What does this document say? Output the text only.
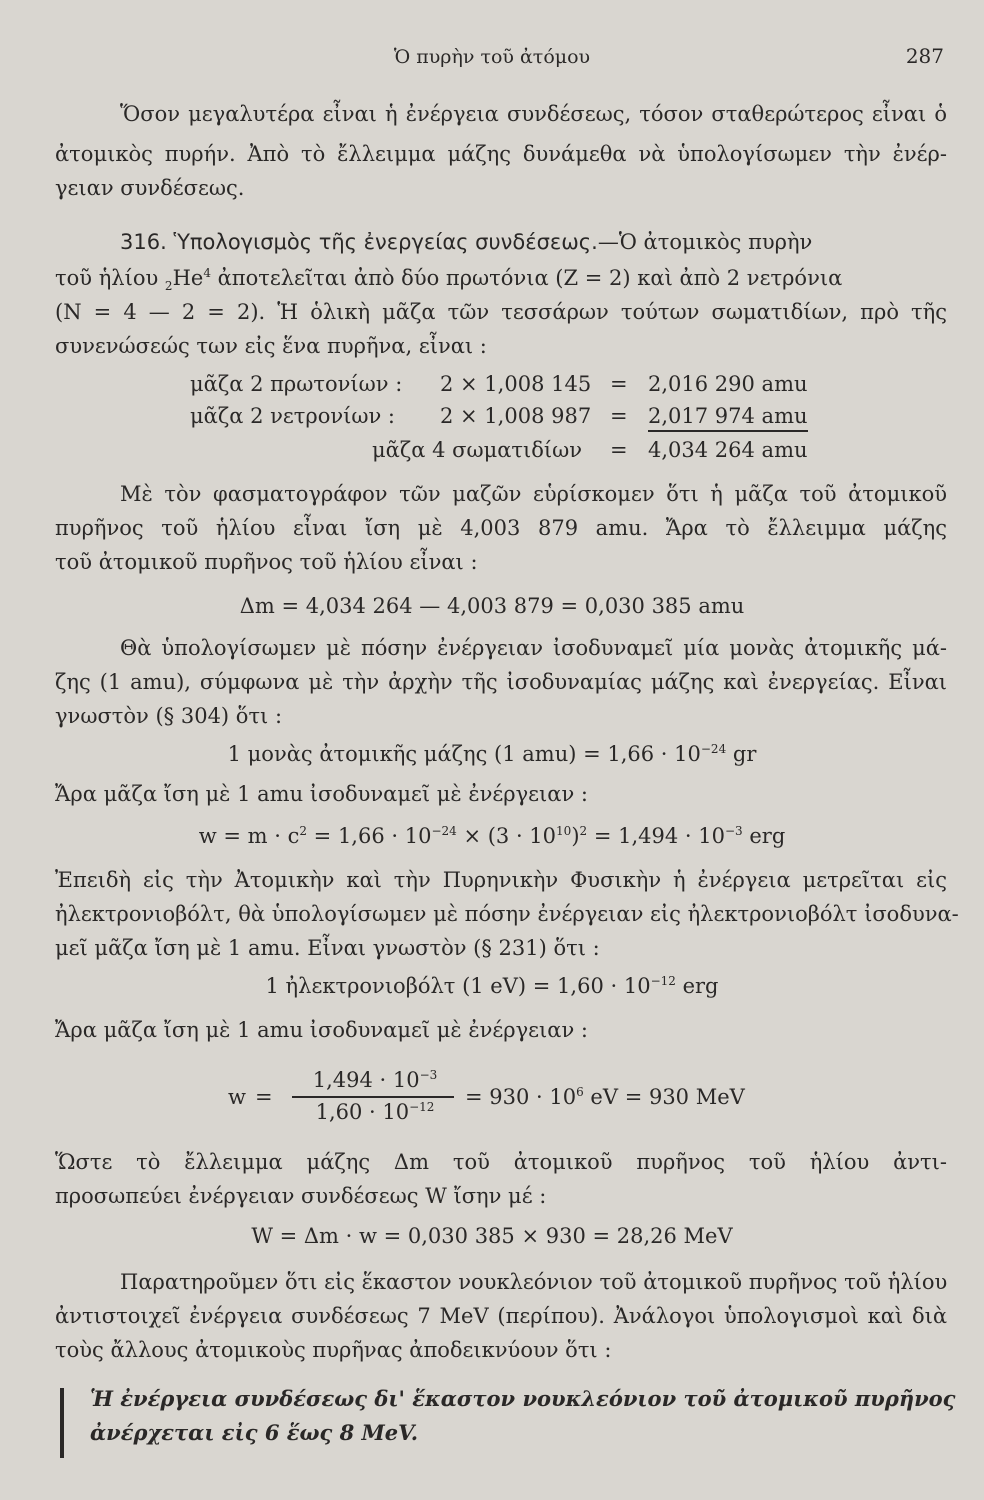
Ὁ πυρὴν τοῦ ἀτόμου	287
Ὅσον μεγαλυτέρα εἶναι ἡ ἐνέργεια συνδέσεως, τόσον σταθερώτερος εἶναι ὁ
ἀτομικὸς πυρήν. Ἀπὸ τὸ ἔλλειμμα μάζης δυνάμεθα νὰ ὑπολογίσωμεν τὴν ἐνέρ-
γειαν συνδέσεως.
316. Ὑπολογισμὸς τῆς ἐνεργείας συνδέσεως.—Ὁ ἀτομικὸς πυρὴν
τοῦ ἡλίου $_2He^4$ ἀποτελεῖται ἀπὸ δύο πρωτόνια (Z = 2) καὶ ἀπὸ 2 νετρόνια
(N = 4 — 2 = 2). Ἡ ὁλικὴ μᾶζα τῶν τεσσάρων τούτων σωματιδίων, πρὸ τῆς
συνενώσεώς των εἰς ἕνα πυρῆνα, εἶναι :
μᾶζα 2 πρωτονίων : 2 × 1,008 145 = 2,016 290 amu
μᾶζα 2 νετρονίων : 2 × 1,008 987 = 2,017 974 amu
μᾶζα 4 σωματιδίων = 4,034 264 amu
Μὲ τὸν φασματογράφον τῶν μαζῶν εὑρίσκομεν ὅτι ἡ μᾶζα τοῦ ἀτομικοῦ
πυρῆνος τοῦ ἡλίου εἶναι ἴση μὲ 4,003 879 amu. Ἄρα τὸ ἔλλειμμα μάζης
τοῦ ἀτομικοῦ πυρῆνος τοῦ ἡλίου εἶναι :
Δm = 4,034 264 — 4,003 879 = 0,030 385 amu
Θὰ ὑπολογίσωμεν μὲ πόσην ἐνέργειαν ἰσοδυναμεῖ μία μονὰς ἀτομικῆς μά-
ζης (1 amu), σύμφωνα μὲ τὴν ἀρχὴν τῆς ἰσοδυναμίας μάζης καὶ ἐνεργείας. Εἶναι
γνωστὸν (§ 304) ὅτι :
1 μονὰς ἀτομικῆς μάζης (1 $amu) = 1,66 \cdot 10^{-24}$ gr
Ἄρα μᾶζα ἴση μὲ 1 amu ἰσοδυναμεῖ μὲ ἐνέργειαν :
$w = m \cdot c^2 = 1,66 \cdot 10^{-24} \times (3 \cdot 10^{10})^2 = 1,494 \cdot 10^{-3}$ erg
Ἐπειδὴ εἰς τὴν Ἀτομικὴν καὶ τὴν Πυρηνικὴν Φυσικὴν ἡ ἐνέργεια μετρεῖται εἰς
ἠλεκτρονιοβόλτ, θὰ ὑπολογίσωμεν μὲ πόσην ἐνέργειαν εἰς ἠλεκτρονιοβόλτ ἰσοδυνα-
μεῖ μᾶζα ἴση μὲ 1 amu. Εἶναι γνωστὸν (§ 231) ὅτι :
1 ἠλεκτρονιοβόλτ (1 $eV) = 1,60 \cdot 10^{-12}$ erg
Ἄρα μᾶζα ἴση μὲ 1 amu ἰσοδυναμεῖ μὲ ἐνέργειαν :
w =
$1,494 \cdot 10^{-3}$
$1,60 \cdot 10^{-12}$	= $930 \cdot 10^6$ eV = 930 MeV
Ὥστε τὸ ἔλλειμμα μάζης Δm τοῦ ἀτομικοῦ πυρῆνος τοῦ ἡλίου ἀντι-
προσωπεύει ἐνέργειαν συνδέσεως W ἴσην μέ :
W = Δm · w = 0,030 385 × 930 = 28,26 MeV
Παρατηροῦμεν ὅτι εἰς ἕκαστον νουκλεόνιον τοῦ ἀτομικοῦ πυρῆνος τοῦ ἡλίου
ἀντιστοιχεῖ ἐνέργεια συνδέσεως 7 MeV (περίπου). Ἀνάλογοι ὑπολογισμοὶ καὶ διὰ
τοὺς ἄλλους ἀτομικοὺς πυρῆνας ἀποδεικνύουν ὅτι :
Ἡ ἐνέργεια συνδέσεως δι' ἕκαστον νουκλεόνιον τοῦ ἀτομικοῦ πυρῆνος
ἀνέρχεται εἰς 6 ἕως 8 MeV.
